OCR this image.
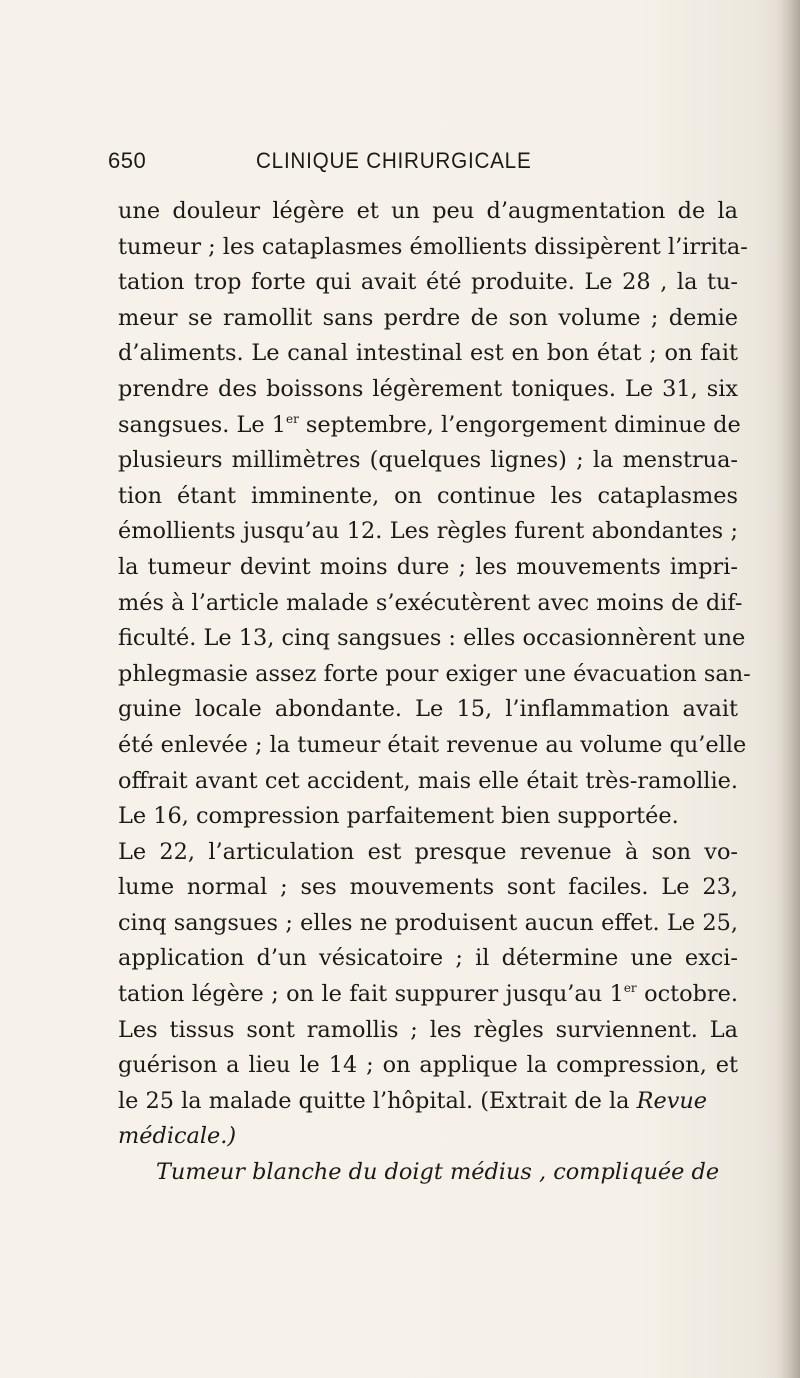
650	CLINIQUE CHIRURGICALE
une douleur légère et un peu d’augmentation de la
tumeur ; les cataplasmes émollients dissipèrent l’irrita-
tation trop forte qui avait été produite. Le 28 , la tu-
meur se ramollit sans perdre de son volume ; demie
d’aliments. Le canal intestinal est en bon état ; on fait
prendre des boissons légèrement toniques. Le 31, six
sangsues. Le 1er septembre, l’engorgement diminue de
plusieurs millimètres (quelques lignes) ; la menstrua-
tion étant imminente, on continue les cataplasmes
émollients jusqu’au 12. Les règles furent abondantes ;
la tumeur devint moins dure ; les mouvements impri-
més à l’article malade s’exécutèrent avec moins de dif-
ficulté. Le 13, cinq sangsues : elles occasionnèrent une
phlegmasie assez forte pour exiger une évacuation san-
guine locale abondante. Le 15, l’inflammation avait
été enlevée ; la tumeur était revenue au volume qu’elle
offrait avant cet accident, mais elle était très-ramollie.
Le 16, compression parfaitement bien supportée.
Le 22, l’articulation est presque revenue à son vo-
lume normal ; ses mouvements sont faciles. Le 23,
cinq sangsues ; elles ne produisent aucun effet. Le 25,
application d’un vésicatoire ; il détermine une exci-
tation légère ; on le fait suppurer jusqu’au 1er octobre.
Les tissus sont ramollis ; les règles surviennent. La
guérison a lieu le 14 ; on applique la compression, et
le 25 la malade quitte l’hôpital. (Extrait de la Revue
médicale.)
Tumeur blanche du doigt médius , compliquée de
